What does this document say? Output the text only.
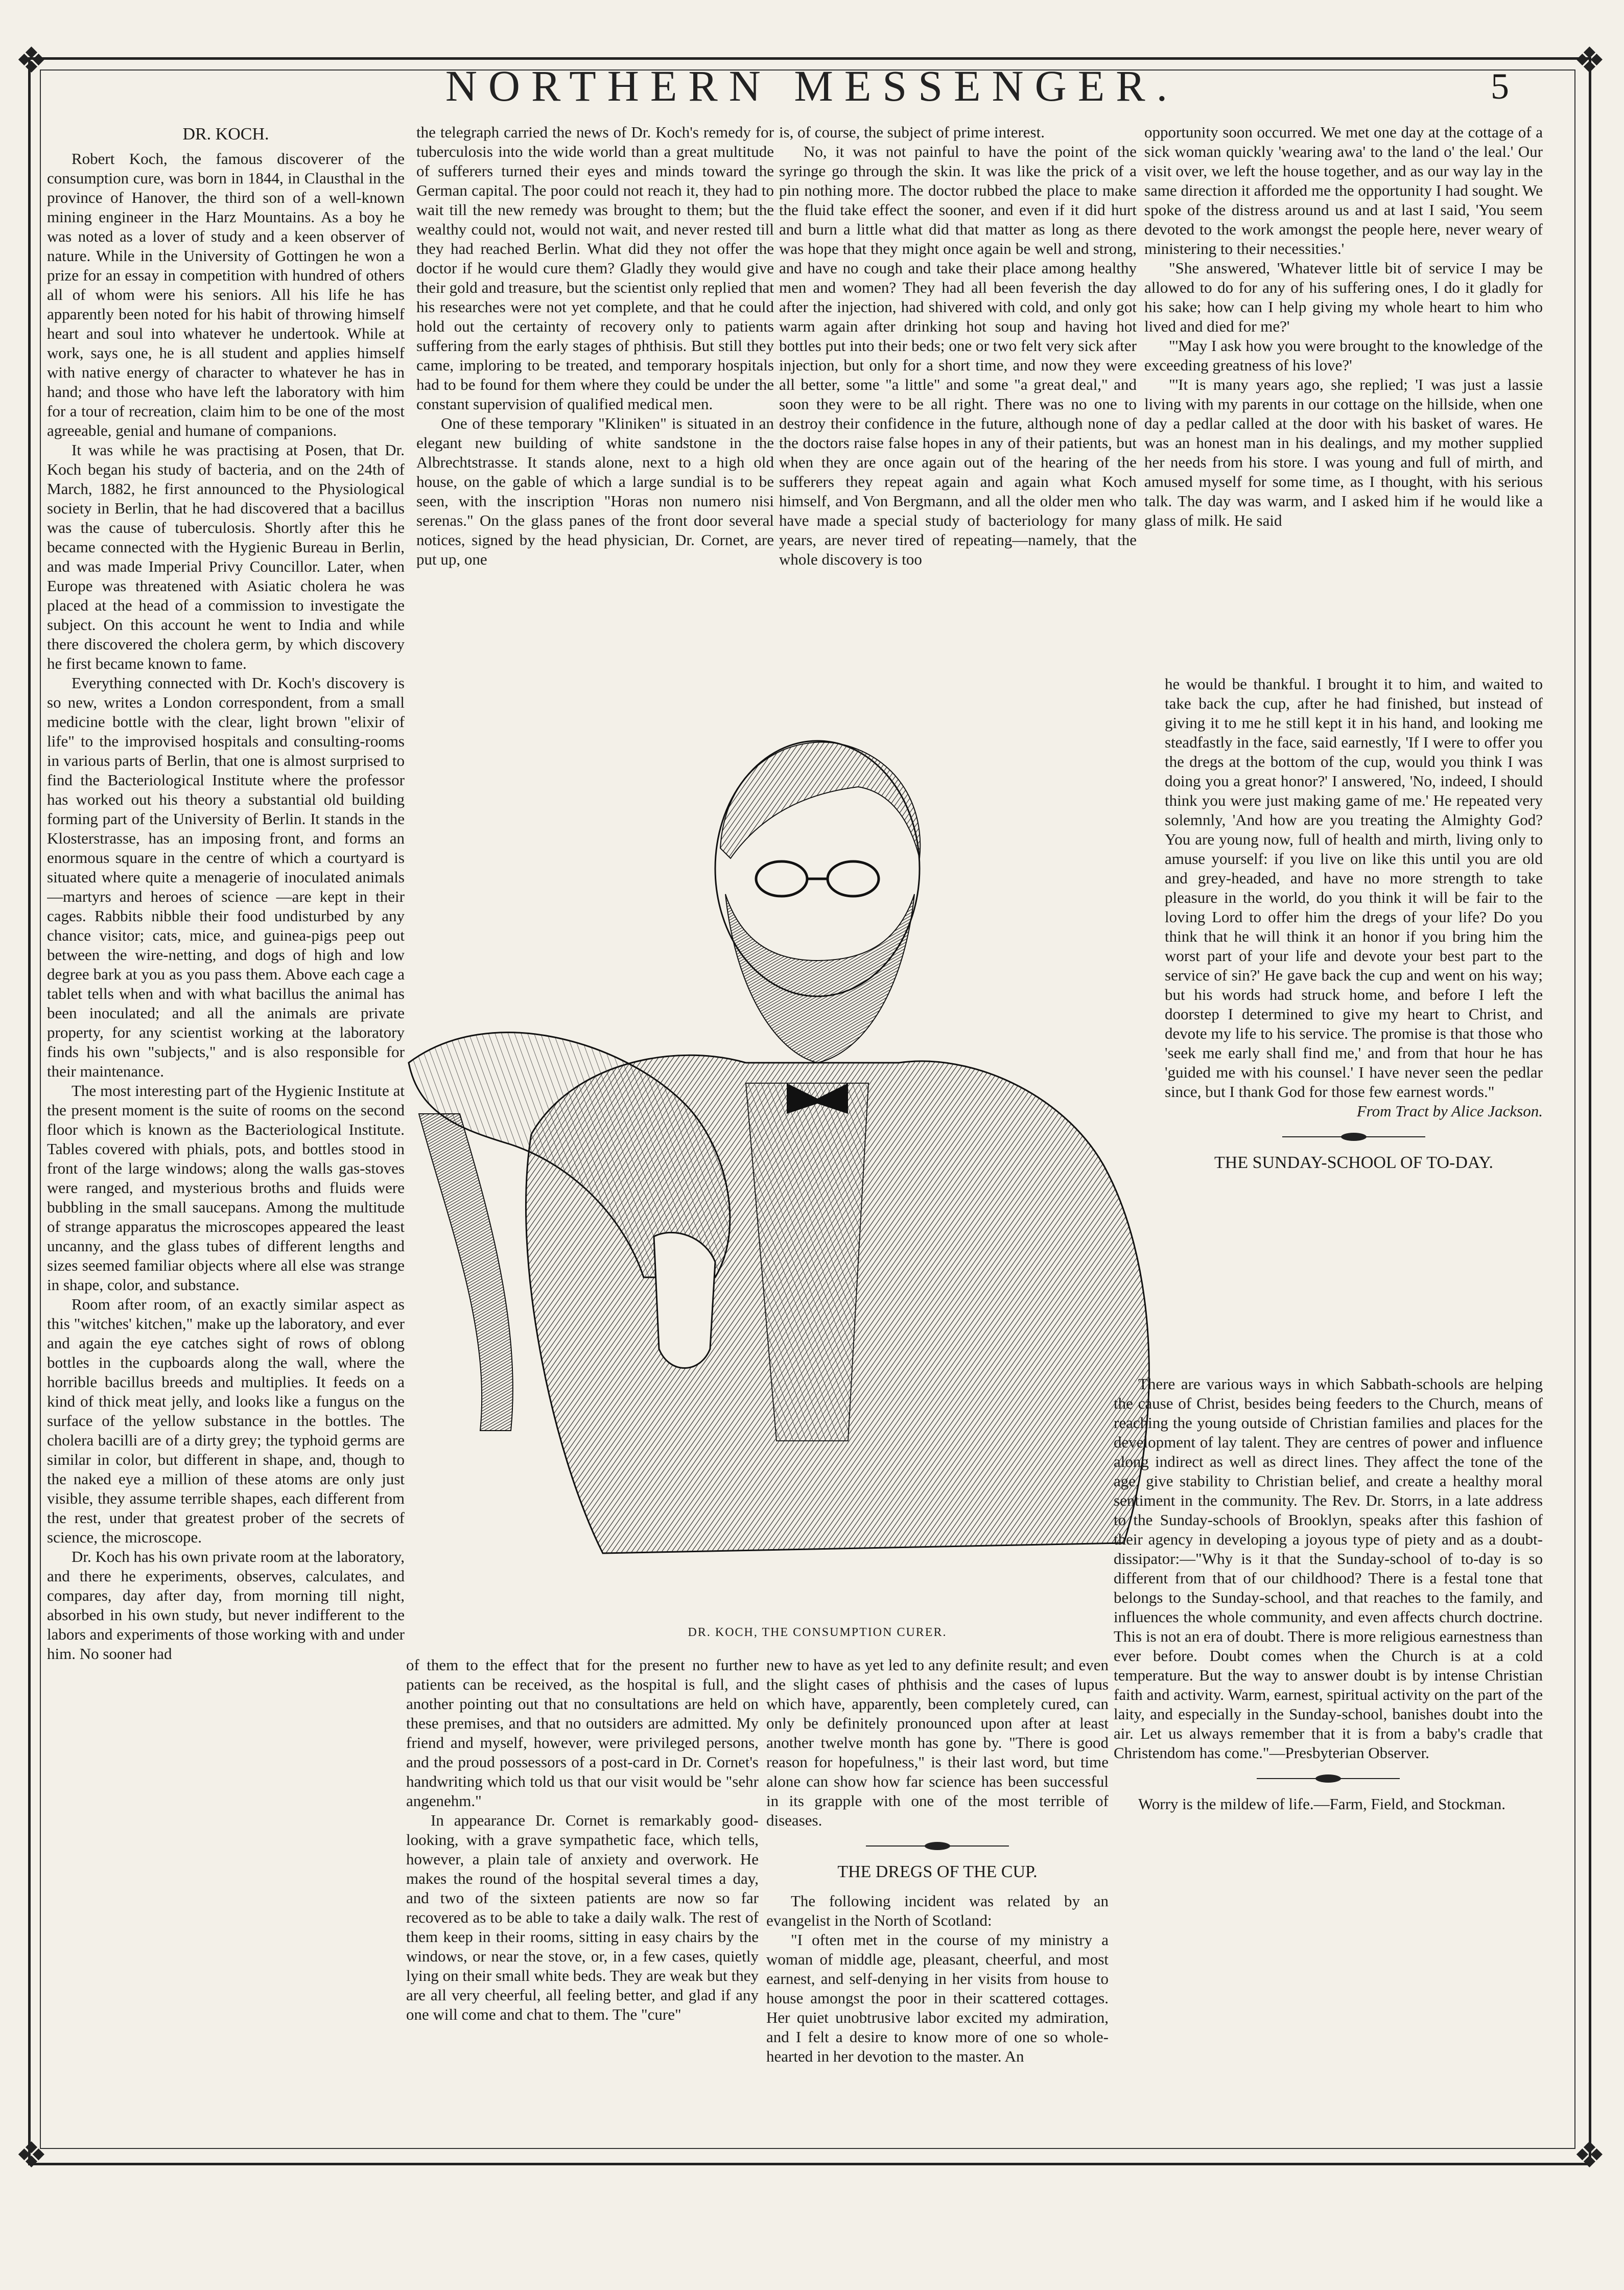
❖	❖
❖	❖
NORTHERN MESSENGER.	5

DR. KOCH.

Robert Koch, the famous discoverer of the consumption cure, was born in 1844, in Clausthal in the province of Hanover, the third son of a well-known mining engineer in the Harz Mountains. As a boy he was noted as a lover of study and a keen observer of nature. While in the University of Gottingen he won a prize for an essay in competition with hundred of others all of whom were his seniors. All his life he has apparently been noted for his habit of throwing himself heart and soul into whatever he undertook. While at work, says one, he is all student and applies himself with native energy of character to whatever he has in hand; and those who have left the laboratory with him for a tour of recreation, claim him to be one of the most agreeable, genial and humane of companions.

It was while he was practising at Posen, that Dr. Koch began his study of bacteria, and on the 24th of March, 1882, he first announced to the Physiological society in Berlin, that he had discovered that a bacillus was the cause of tuberculosis. Shortly after this he became connected with the Hygienic Bureau in Berlin, and was made Imperial Privy Councillor. Later, when Europe was threatened with Asiatic cholera he was placed at the head of a commission to investigate the subject. On this account he went to India and while there discovered the cholera germ, by which discovery he first became known to fame.

Everything connected with Dr. Koch's discovery is so new, writes a London correspondent, from a small medicine bottle with the clear, light brown "elixir of life" to the improvised hospitals and consulting-rooms in various parts of Berlin, that one is almost surprised to find the Bacteriological Institute where the professor has worked out his theory a substantial old building forming part of the University of Berlin. It stands in the Klosterstrasse, has an imposing front, and forms an enormous square in the centre of which a courtyard is situated where quite a menagerie of inoculated animals—martyrs and heroes of science —are kept in their cages. Rabbits nibble their food undisturbed by any chance visitor; cats, mice, and guinea-pigs peep out between the wire-netting, and dogs of high and low degree bark at you as you pass them. Above each cage a tablet tells when and with what bacillus the animal has been inoculated; and all the animals are private property, for any scientist working at the laboratory finds his own "subjects," and is also responsible for their maintenance.

The most interesting part of the Hygienic Institute at the present moment is the suite of rooms on the second floor which is known as the Bacteriological Institute. Tables covered with phials, pots, and bottles stood in front of the large windows; along the walls gas-stoves were ranged, and mysterious broths and fluids were bubbling in the small saucepans. Among the multitude of strange apparatus the microscopes appeared the least uncanny, and the glass tubes of different lengths and sizes seemed familiar objects where all else was strange in shape, color, and substance.

Room after room, of an exactly similar aspect as this "witches' kitchen," make up the laboratory, and ever and again the eye catches sight of rows of oblong bottles in the cupboards along the wall, where the horrible bacillus breeds and multiplies. It feeds on a kind of thick meat jelly, and looks like a fungus on the surface of the yellow substance in the bottles. The cholera bacilli are of a dirty grey; the typhoid germs are similar in color, but different in shape, and, though to the naked eye a million of these atoms are only just visible, they assume terrible shapes, each different from the rest, under that greatest prober of the secrets of science, the microscope.

Dr. Koch has his own private room at the laboratory, and there he experiments, observes, calculates, and compares, day after day, from morning till night, absorbed in his own study, but never indifferent to the labors and experiments of those working with and under him. No sooner had

the telegraph carried the news of Dr. Koch's remedy for tuberculosis into the wide world than a great multitude of sufferers turned their eyes and minds toward the German capital. The poor could not reach it, they had to wait till the new remedy was brought to them; but the wealthy could not, would not wait, and never rested till they had reached Berlin. What did they not offer the doctor if he would cure them? Gladly they would give their gold and treasure, but the scientist only replied that his researches were not yet complete, and that he could hold out the certainty of recovery only to patients suffering from the early stages of phthisis. But still they came, imploring to be treated, and temporary hospitals had to be found for them where they could be under the constant supervision of qualified medical men.

One of these temporary "Kliniken" is situated in an elegant new building of white sandstone in the Albrechtstrasse. It stands alone, next to a high old house, on the gable of which a large sundial is to be seen, with the inscription "Horas non numero nisi serenas." On the glass panes of the front door several notices, signed by the head physician, Dr. Cornet, are put up, one

is, of course, the subject of prime interest.

No, it was not painful to have the point of the syringe go through the skin. It was like the prick of a pin nothing more. The doctor rubbed the place to make the fluid take effect the sooner, and even if it did hurt and burn a little what did that matter as long as there was hope that they might once again be well and strong, and have no cough and take their place among healthy men and women? They had all been feverish the day after the injection, had shivered with cold, and only got warm again after drinking hot soup and having hot bottles put into their beds; one or two felt very sick after injection, but only for a short time, and now they were all better, some "a little" and some "a great deal," and soon they were to be all right. There was no one to destroy their confidence in the future, although none of the doctors raise false hopes in any of their patients, but when they are once again out of the hearing of the sufferers they repeat again and again what Koch himself, and Von Bergmann, and all the older men who have made a special study of bacteriology for many years, are never tired of repeating—namely, that the whole discovery is too

opportunity soon occurred. We met one day at the cottage of a sick woman quickly 'wearing awa' to the land o' the leal.' Our visit over, we left the house together, and as our way lay in the same direction it afforded me the opportunity I had sought. We spoke of the distress around us and at last I said, 'You seem devoted to the work amongst the people here, never weary of ministering to their necessities.'

"She answered, 'Whatever little bit of service I may be allowed to do for any of his suffering ones, I do it gladly for his sake; how can I help giving my whole heart to him who lived and died for me?'

"'May I ask how you were brought to the knowledge of the exceeding greatness of his love?'

"'It is many years ago, she replied; 'I was just a lassie living with my parents in our cottage on the hillside, when one day a pedlar called at the door with his basket of wares. He was an honest man in his dealings, and my mother supplied her needs from his store. I was young and full of mirth, and amused myself for some time, as I thought, with his serious talk. The day was warm, and I asked him if he would like a glass of milk. He said

DR. KOCH, THE CONSUMPTION CURER.

he would be thankful. I brought it to him, and waited to take back the cup, after he had finished, but instead of giving it to me he still kept it in his hand, and looking me steadfastly in the face, said earnestly, 'If I were to offer you the dregs at the bottom of the cup, would you think I was doing you a great honor?' I answered, 'No, indeed, I should think you were just making game of me.' He repeated very solemnly, 'And how are you treating the Almighty God? You are young now, full of health and mirth, living only to amuse yourself: if you live on like this until you are old and grey-headed, and have no more strength to take pleasure in the world, do you think it will be fair to the loving Lord to offer him the dregs of your life? Do you think that he will think it an honor if you bring him the worst part of your life and devote your best part to the service of sin?' He gave back the cup and went on his way; but his words had struck home, and before I left the doorstep I determined to give my heart to Christ, and devote my life to his service. The promise is that those who 'seek me early shall find me,' and from that hour he has 'guided me with his counsel.' I have never seen the pedlar since, but I thank God for those few earnest words."

From Tract by Alice Jackson.

THE SUNDAY-SCHOOL OF TO-DAY.

There are various ways in which Sabbath-schools are helping the cause of Christ, besides being feeders to the Church, means of reaching the young outside of Christian families and places for the development of lay talent. They are centres of power and influence along indirect as well as direct lines. They affect the tone of the age, give stability to Christian belief, and create a healthy moral sentiment in the community. The Rev. Dr. Storrs, in a late address to the Sunday-schools of Brooklyn, speaks after this fashion of their agency in developing a joyous type of piety and as a doubt-dissipator:—"Why is it that the Sunday-school of to-day is so different from that of our childhood? There is a festal tone that belongs to the Sunday-school, and that reaches to the family, and influences the whole community, and even affects church doctrine. This is not an era of doubt. There is more religious earnestness than ever before. Doubt comes when the Church is at a cold temperature. But the way to answer doubt is by intense Christian faith and activity. Warm, earnest, spiritual activity on the part of the laity, and especially in the Sunday-school, banishes doubt into the air. Let us always remember that it is from a baby's cradle that Christendom has come."—Presbyterian Observer.

Worry is the mildew of life.—Farm, Field, and Stockman.

of them to the effect that for the present no further patients can be received, as the hospital is full, and another pointing out that no consultations are held on these premises, and that no outsiders are admitted. My friend and myself, however, were privileged persons, and the proud possessors of a post-card in Dr. Cornet's handwriting which told us that our visit would be "sehr angenehm."

In appearance Dr. Cornet is remarkably good-looking, with a grave sympathetic face, which tells, however, a plain tale of anxiety and overwork. He makes the round of the hospital several times a day, and two of the sixteen patients are now so far recovered as to be able to take a daily walk. The rest of them keep in their rooms, sitting in easy chairs by the windows, or near the stove, or, in a few cases, quietly lying on their small white beds. They are weak but they are all very cheerful, all feeling better, and glad if any one will come and chat to them. The "cure"

new to have as yet led to any definite result; and even the slight cases of phthisis and the cases of lupus which have, apparently, been completely cured, can only be definitely pronounced upon after at least another twelve month has gone by. "There is good reason for hopefulness," is their last word, but time alone can show how far science has been successful in its grapple with one of the most terrible of diseases.

THE DREGS OF THE CUP.

The following incident was related by an evangelist in the North of Scotland:

"I often met in the course of my ministry a woman of middle age, pleasant, cheerful, and most earnest, and self-denying in her visits from house to house amongst the poor in their scattered cottages. Her quiet unobtrusive labor excited my admiration, and I felt a desire to know more of one so whole-hearted in her devotion to the master. An
